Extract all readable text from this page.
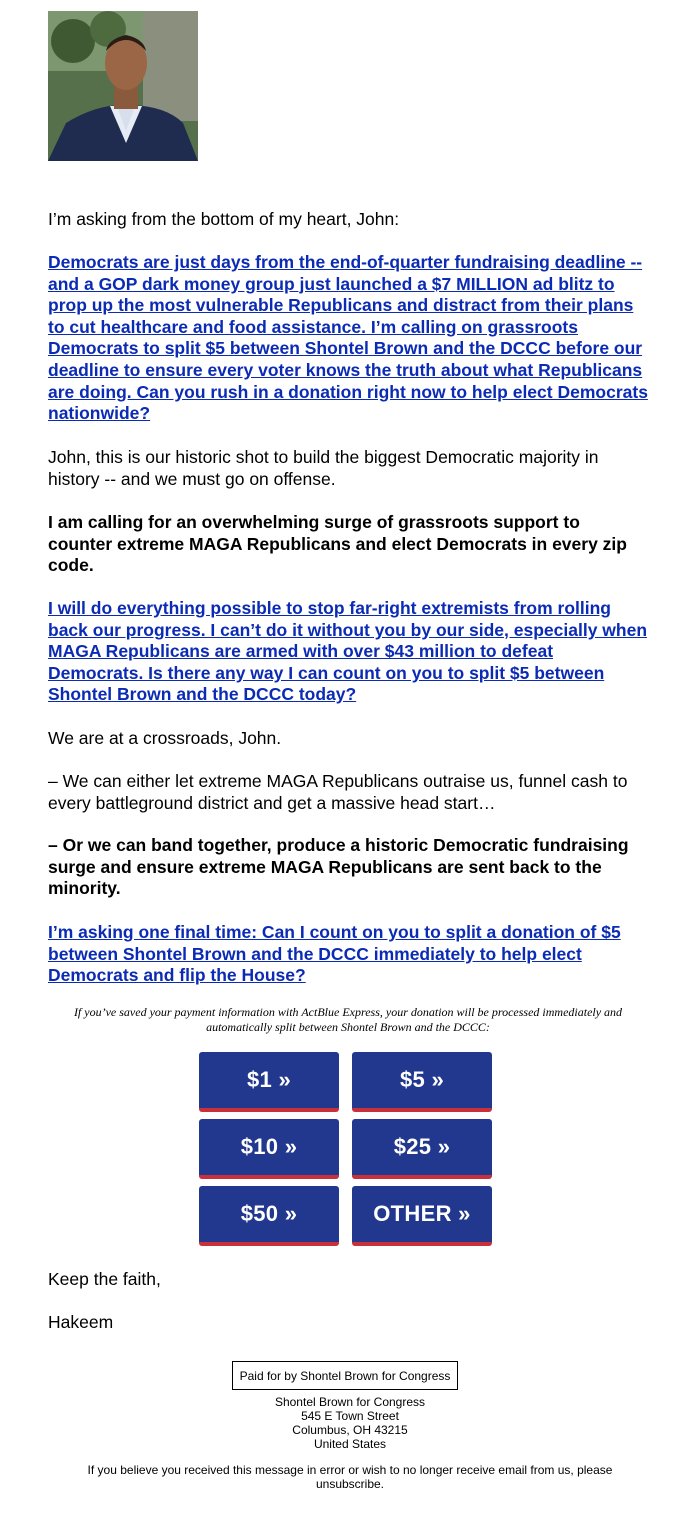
I’m asking from the bottom of my heart, John:

Democrats are just days from the end-of-quarter fundraising deadline -- and a GOP dark money group just launched a $7 MILLION ad blitz to prop up the most vulnerable Republicans and distract from their plans to cut healthcare and food assistance. I’m calling on grassroots Democrats to split $5 between Shontel Brown and the DCCC before our deadline to ensure every voter knows the truth about what Republicans are doing. Can you rush in a donation right now to help elect Democrats nationwide?

John, this is our historic shot to build the biggest Democratic majority in history -- and we must go on offense.

I am calling for an overwhelming surge of grassroots support to counter extreme MAGA Republicans and elect Democrats in every zip code.

I will do everything possible to stop far-right extremists from rolling back our progress. I can’t do it without you by our side, especially when MAGA Republicans are armed with over $43 million to defeat Democrats. Is there any way I can count on you to split $5 between Shontel Brown and the DCCC today?

We are at a crossroads, John.

– We can either let extreme MAGA Republicans outraise us, funnel cash to every battleground district and get a massive head start…

– Or we can band together, produce a historic Democratic fundraising surge and ensure extreme MAGA Republicans are sent back to the minority.

I’m asking one final time: Can I count on you to split a donation of $5 between Shontel Brown and the DCCC immediately to help elect Democrats and flip the House?

If you’ve saved your payment information with ActBlue Express, your donation will be processed immediately and automatically split between Shontel Brown and the DCCC:
$1 »	$5 »
$10 »	$25 »
$50 »	OTHER »

Keep the faith,

Hakeem

Paid for by Shontel Brown for Congress
Shontel Brown for Congress
545 E Town Street
Columbus, OH 43215
United States
If you believe you received this message in error or wish to no longer receive email from us, please unsubscribe.
